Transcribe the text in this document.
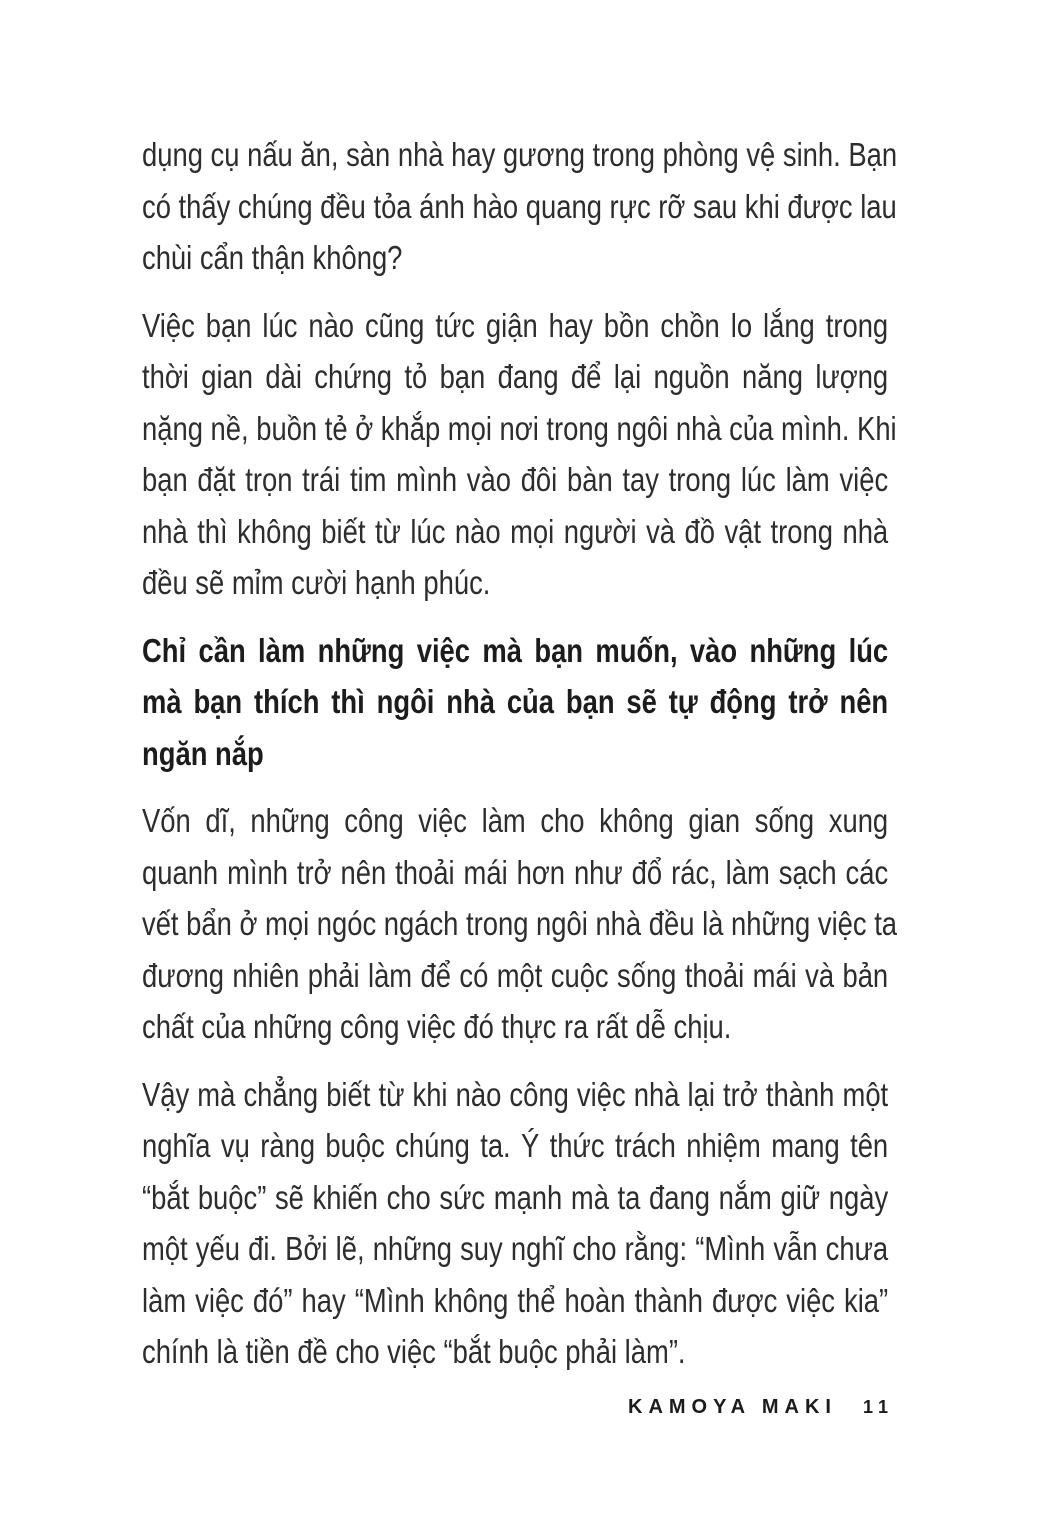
dụng cụ nấu ăn, sàn nhà hay gương trong phòng vệ sinh. Bạn
có thấy chúng đều tỏa ánh hào quang rực rỡ sau khi được lau
chùi cẩn thận không?
Việc bạn lúc nào cũng tức giận hay bồn chồn lo lắng trong
thời gian dài chứng tỏ bạn đang để lại nguồn năng lượng
nặng nề, buồn tẻ ở khắp mọi nơi trong ngôi nhà của mình. Khi
bạn đặt trọn trái tim mình vào đôi bàn tay trong lúc làm việc
nhà thì không biết từ lúc nào mọi người và đồ vật trong nhà
đều sẽ mỉm cười hạnh phúc.
Chỉ cần làm những việc mà bạn muốn, vào những lúc
mà bạn thích thì ngôi nhà của bạn sẽ tự động trở nên
ngăn nắp
Vốn dĩ, những công việc làm cho không gian sống xung
quanh mình trở nên thoải mái hơn như đổ rác, làm sạch các
vết bẩn ở mọi ngóc ngách trong ngôi nhà đều là những việc ta
đương nhiên phải làm để có một cuộc sống thoải mái và bản
chất của những công việc đó thực ra rất dễ chịu.
Vậy mà chẳng biết từ khi nào công việc nhà lại trở thành một
nghĩa vụ ràng buộc chúng ta. Ý thức trách nhiệm mang tên
“bắt buộc” sẽ khiến cho sức mạnh mà ta đang nắm giữ ngày
một yếu đi. Bởi lẽ, những suy nghĩ cho rằng: “Mình vẫn chưa
làm việc đó” hay “Mình không thể hoàn thành được việc kia”
chính là tiền đề cho việc “bắt buộc phải làm”.
KAMOYA MAKI 11
